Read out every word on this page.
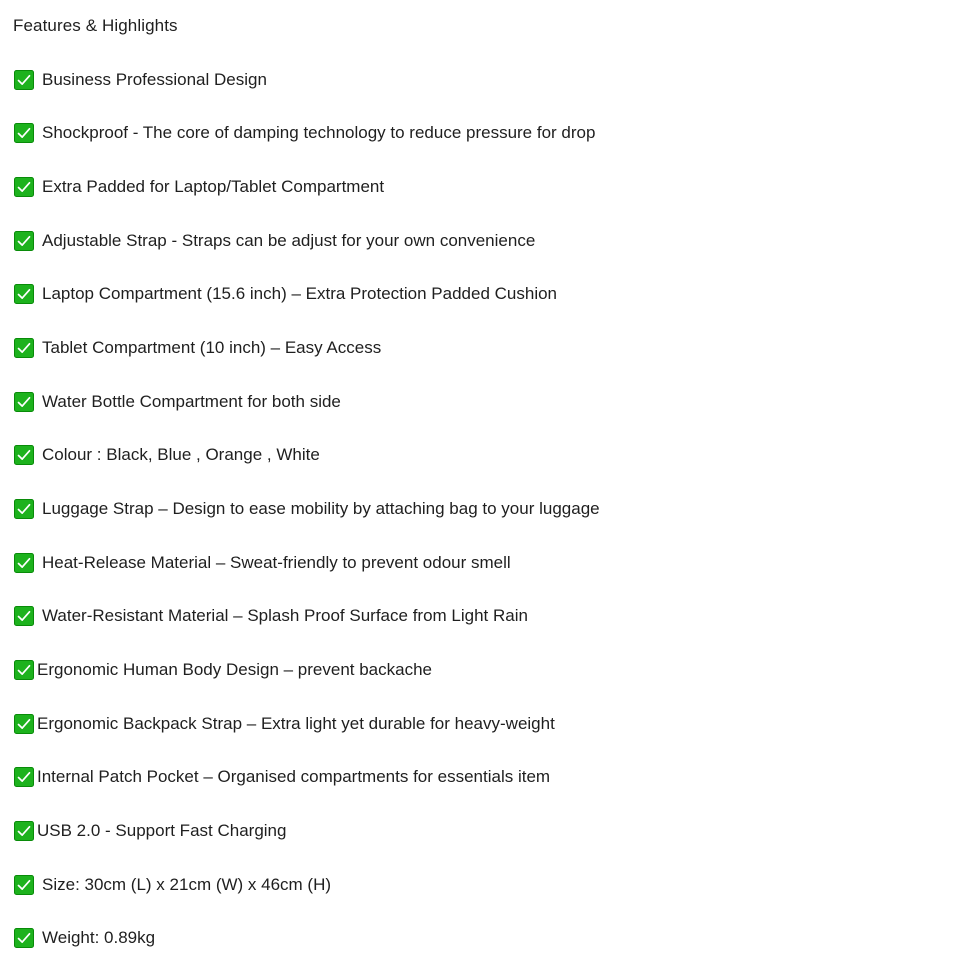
Features & Highlights
Business Professional Design
Shockproof - The core of damping technology to reduce pressure for drop
Extra Padded for Laptop/Tablet Compartment
Adjustable Strap - Straps can be adjust for your own convenience
Laptop Compartment (15.6 inch) – Extra Protection Padded Cushion
Tablet Compartment (10 inch) – Easy Access
Water Bottle Compartment for both side
Colour : Black, Blue , Orange , White
Luggage Strap – Design to ease mobility by attaching bag to your luggage
Heat-Release Material – Sweat-friendly to prevent odour smell
Water-Resistant Material – Splash Proof Surface from Light Rain
Ergonomic Human Body Design – prevent backache
Ergonomic Backpack Strap – Extra light yet durable for heavy-weight
Internal Patch Pocket – Organised compartments for essentials item
USB 2.0 - Support Fast Charging
Size: 30cm (L) x 21cm (W) x 46cm (H)
Weight: 0.89kg
